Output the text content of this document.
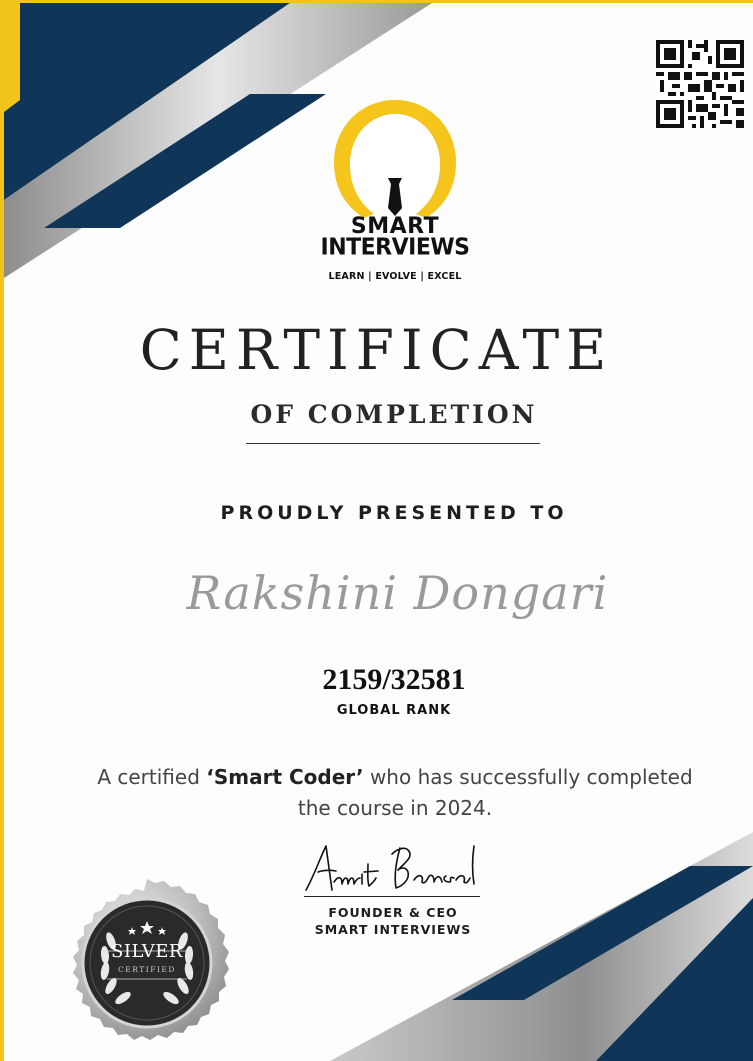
SMART
INTERVIEWS
LEARN | EVOLVE | EXCEL
CERTIFICATE
OF COMPLETION
PROUDLY PRESENTED TO
Rakshini Dongari
2159/32581
GLOBAL RANK
A certified ‘Smart Coder’ who has successfully completed the course in 2024.
FOUNDER & CEO
SMART INTERVIEWS
SILVER
CERTIFIED
